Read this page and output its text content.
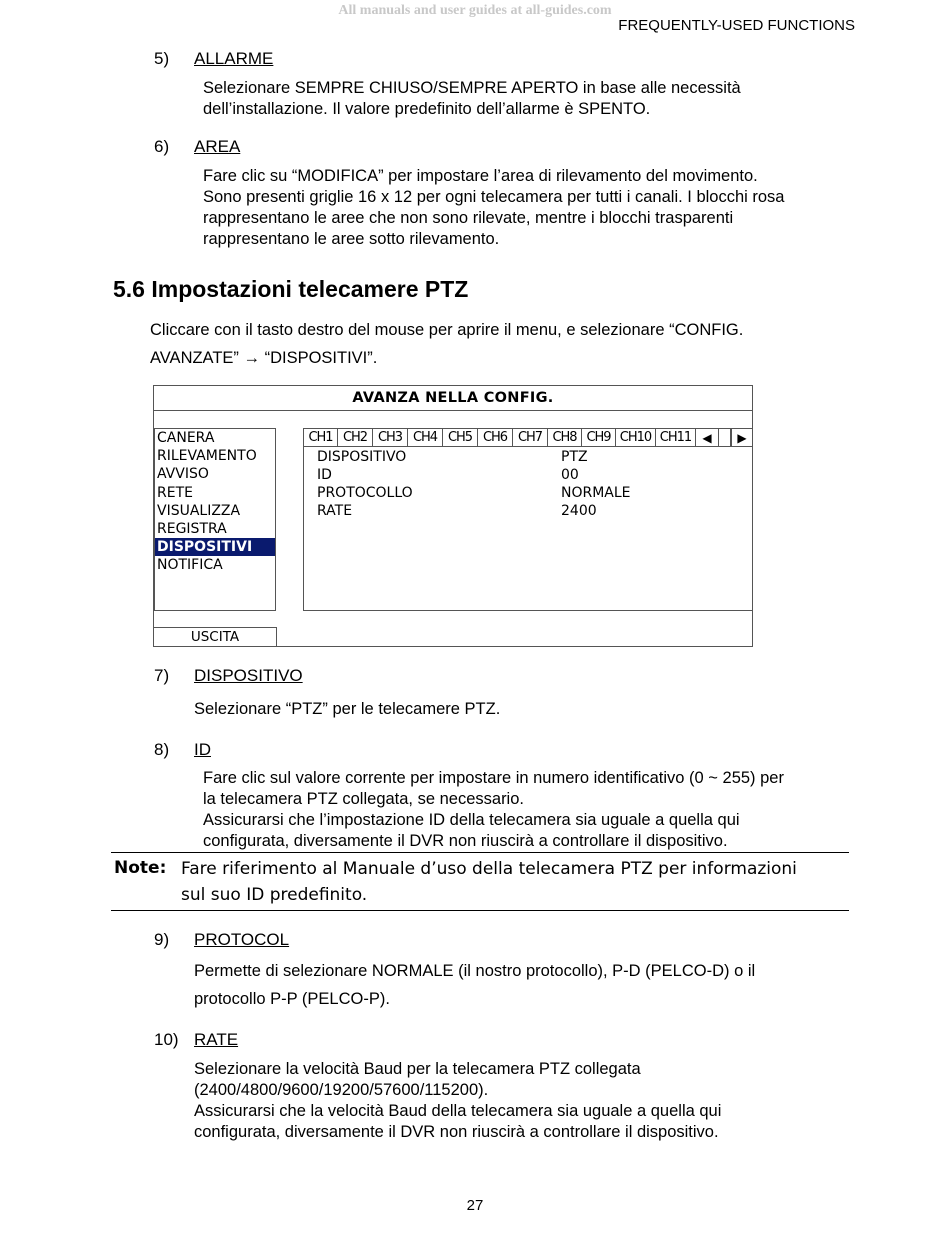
All manuals and user guides at all-guides.com
FREQUENTLY-USED FUNCTIONS
5) ALLARME
Selezionare SEMPRE CHIUSO/SEMPRE APERTO in base alle necessità
dell’installazione. Il valore predefinito dell’allarme è SPENTO.
6) AREA
Fare clic su “MODIFICA” per impostare l’area di rilevamento del movimento.
Sono presenti griglie 16 x 12 per ogni telecamera per tutti i canali. I blocchi rosa
rappresentano le aree che non sono rilevate, mentre i blocchi trasparenti
rappresentano le aree sotto rilevamento.
5.6 Impostazioni telecamere PTZ
Cliccare con il tasto destro del mouse per aprire il menu, e selezionare “CONFIG.
AVANZATE” → “DISPOSITIVI”.
AVANZA NELLA CONFIG.
CANERA
RILEVAMENTO
AVVISO
RETE
VISUALIZZA
REGISTRA
DISPOSITIVI
NOTIFICA
CH1 CH2 CH3 CH4 CH5 CH6 CH7 CH8 CH9 CH10 CH11 ◀	▶
DISPOSITIVO	PTZ
ID	00
PROTOCOLLO	NORMALE
RATE	2400
USCITA
7) DISPOSITIVO
Selezionare “PTZ” per le telecamere PTZ.
8) ID
Fare clic sul valore corrente per impostare in numero identificativo (0 ~ 255) per
la telecamera PTZ collegata, se necessario.
Assicurarsi che l’impostazione ID della telecamera sia uguale a quella qui
configurata, diversamente il DVR non riuscirà a controllare il dispositivo.
Note: Fare riferimento al Manuale d’uso della telecamera PTZ per informazioni
sul suo ID predefinito.
9) PROTOCOL
Permette di selezionare NORMALE (il nostro protocollo), P-D (PELCO-D) o il
protocollo P-P (PELCO-P).
10) RATE
Selezionare la velocità Baud per la telecamera PTZ collegata
(2400/4800/9600/19200/57600/115200).
Assicurarsi che la velocità Baud della telecamera sia uguale a quella qui
configurata, diversamente il DVR non riuscirà a controllare il dispositivo.
27
